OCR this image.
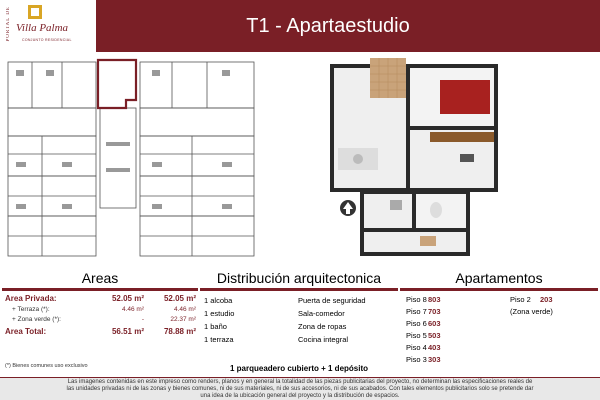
PORTAL DE Villa Palma
CONJUNTO RESIDENCIAL
T1 - Apartaestudio
Areas
Area Privada:	52.05 m² 52.05 m²
+ Terraza (*):	4.46 m²	4.46 m²
+ Zona verde (*):	-	22.37 m²
Area Total:	56.51 m² 78.88 m²
(*) Bienes comunes uso exclusivo
Distribución arquitectonica
1 alcoba
1 estudio
1 baño
1 terraza
Puerta de seguridad
Sala-comedor
Zona de ropas
Cocina integral
Apartamentos
Piso 8 803
Piso 7 703
Piso 6 603
Piso 5 503
Piso 4 403
Piso 3 303
Piso 2 203
(Zona verde)
1 parqueadero cubierto + 1 depósito
Las imagenes contenidas en este impreso como renders, planos y en general la totalidad de las piezas publicitarias del proyecto, no determinan las especificaciones reales de
las unidades privadas ni de las zonas y bienes comunes, ni de sus materiales, ni de sus accesorios, ni de sus acabados. Con tales elementos publicitarios solo se pretende dar
una idea de la ubicación general del proyecto y la distribución de espacios.
